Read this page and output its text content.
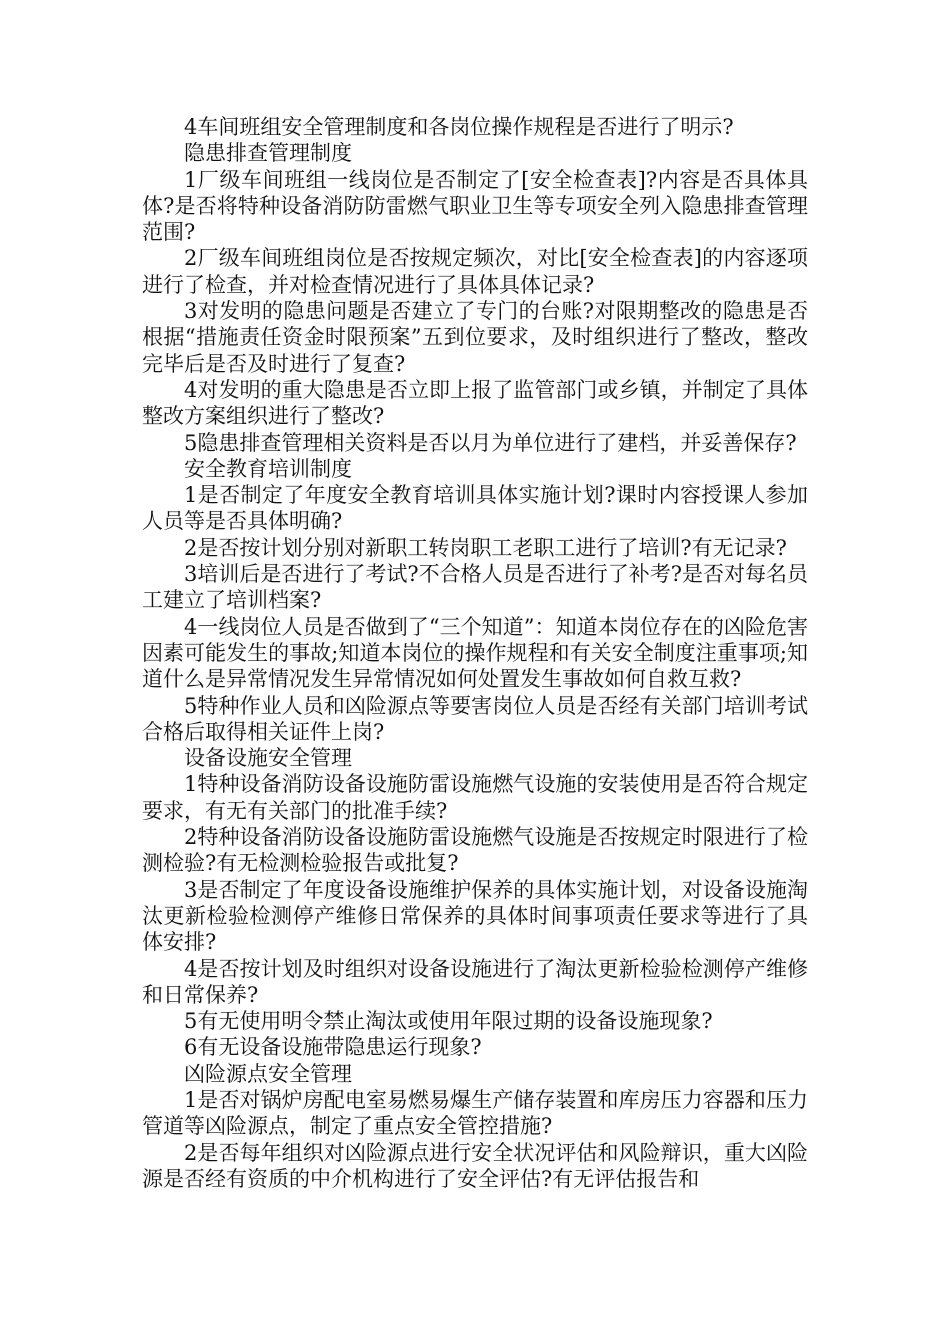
4车间班组安全管理制度和各岗位操作规程是否进行了明示?

隐患排查管理制度

1厂级车间班组一线岗位是否制定了[安全检查表]?内容是否具体具体?是否将特种设备消防防雷燃气职业卫生等专项安全列入隐患排查管理范围?

2厂级车间班组岗位是否按规定频次，对比[安全检查表]的内容逐项进行了检查，并对检查情况进行了具体具体记录?

3对发明的隐患问题是否建立了专门的台账?对限期整改的隐患是否根据“措施责任资金时限预案”五到位要求，及时组织进行了整改，整改完毕后是否及时进行了复查?

4对发明的重大隐患是否立即上报了监管部门或乡镇，并制定了具体整改方案组织进行了整改?

5隐患排查管理相关资料是否以月为单位进行了建档，并妥善保存?

安全教育培训制度

1是否制定了年度安全教育培训具体实施计划?课时内容授课人参加人员等是否具体明确?

2是否按计划分别对新职工转岗职工老职工进行了培训?有无记录?

3培训后是否进行了考试?不合格人员是否进行了补考?是否对每名员工建立了培训档案?

4一线岗位人员是否做到了“三个知道”：知道本岗位存在的凶险危害因素可能发生的事故;知道本岗位的操作规程和有关安全制度注重事项;知道什么是异常情况发生异常情况如何处置发生事故如何自救互救?

5特种作业人员和凶险源点等要害岗位人员是否经有关部门培训考试合格后取得相关证件上岗?

设备设施安全管理

1特种设备消防设备设施防雷设施燃气设施的安装使用是否符合规定要求，有无有关部门的批准手续?

2特种设备消防设备设施防雷设施燃气设施是否按规定时限进行了检测检验?有无检测检验报告或批复?

3是否制定了年度设备设施维护保养的具体实施计划，对设备设施淘汰更新检验检测停产维修日常保养的具体时间事项责任要求等进行了具体安排?

4是否按计划及时组织对设备设施进行了淘汰更新检验检测停产维修和日常保养?

5有无使用明令禁止淘汰或使用年限过期的设备设施现象?

6有无设备设施带隐患运行现象?

凶险源点安全管理

1是否对锅炉房配电室易燃易爆生产储存装置和库房压力容器和压力管道等凶险源点，制定了重点安全管控措施?

2是否每年组织对凶险源点进行安全状况评估和风险辩识，重大凶险源是否经有资质的中介机构进行了安全评估?有无评估报告和
